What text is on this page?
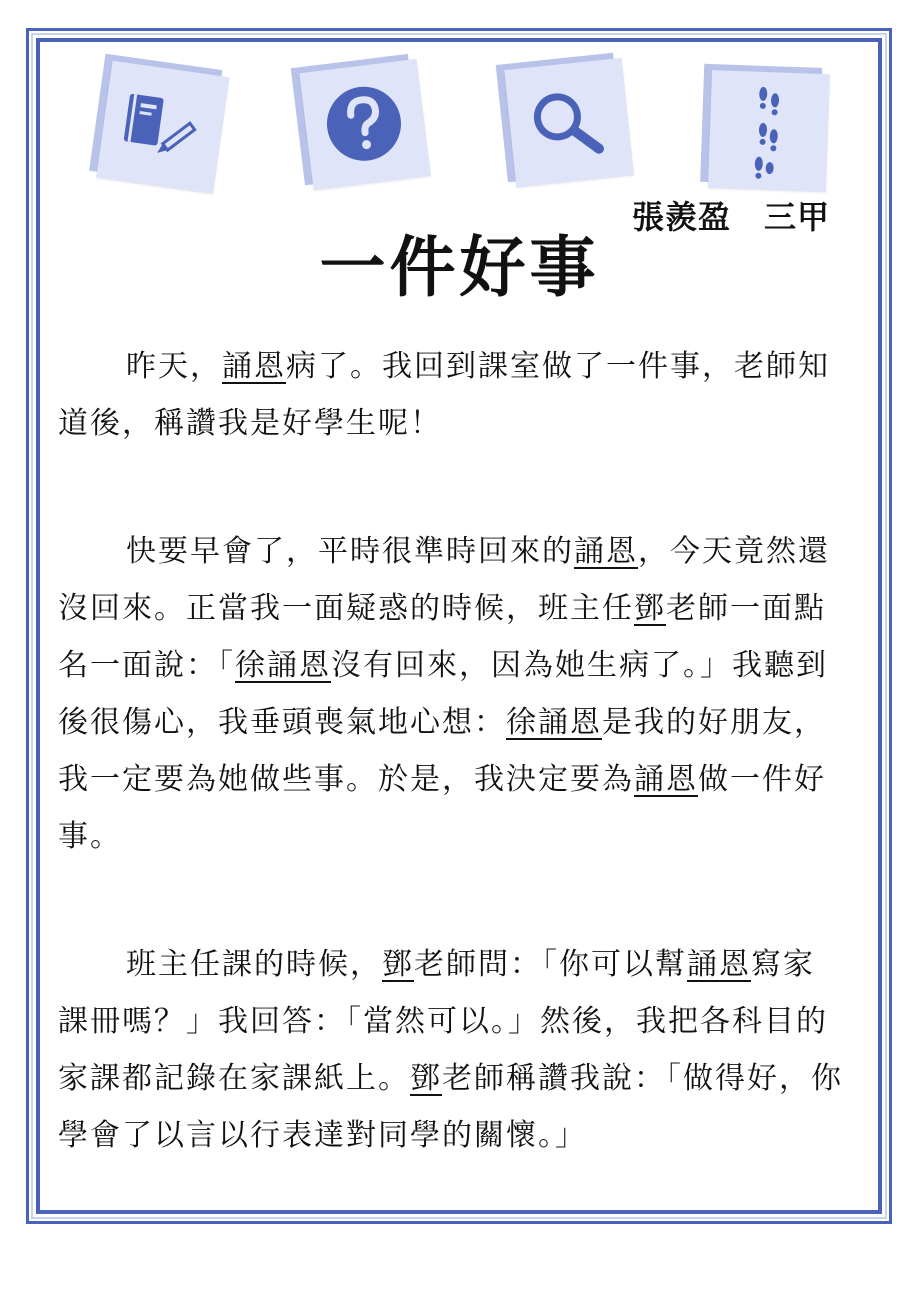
張羨盈　三甲
一件好事

昨天，誦恩病了。我回到課室做了一件事，老師知道後，稱讚我是好學生呢！

快要早會了，平時很準時回來的誦恩，今天竟然還沒回來。正當我一面疑惑的時候，班主任鄧老師一面點名一面說：「徐誦恩沒有回來，因為她生病了。」我聽到後很傷心，我垂頭喪氣地心想：徐誦恩是我的好朋友，我一定要為她做些事。於是，我決定要為誦恩做一件好事。

班主任課的時候，鄧老師問：「你可以幫誦恩寫家課冊嗎？」我回答：「當然可以。」然後，我把各科目的家課都記錄在家課紙上。鄧老師稱讚我說：「做得好，你學會了以言以行表達對同學的關懷。」
